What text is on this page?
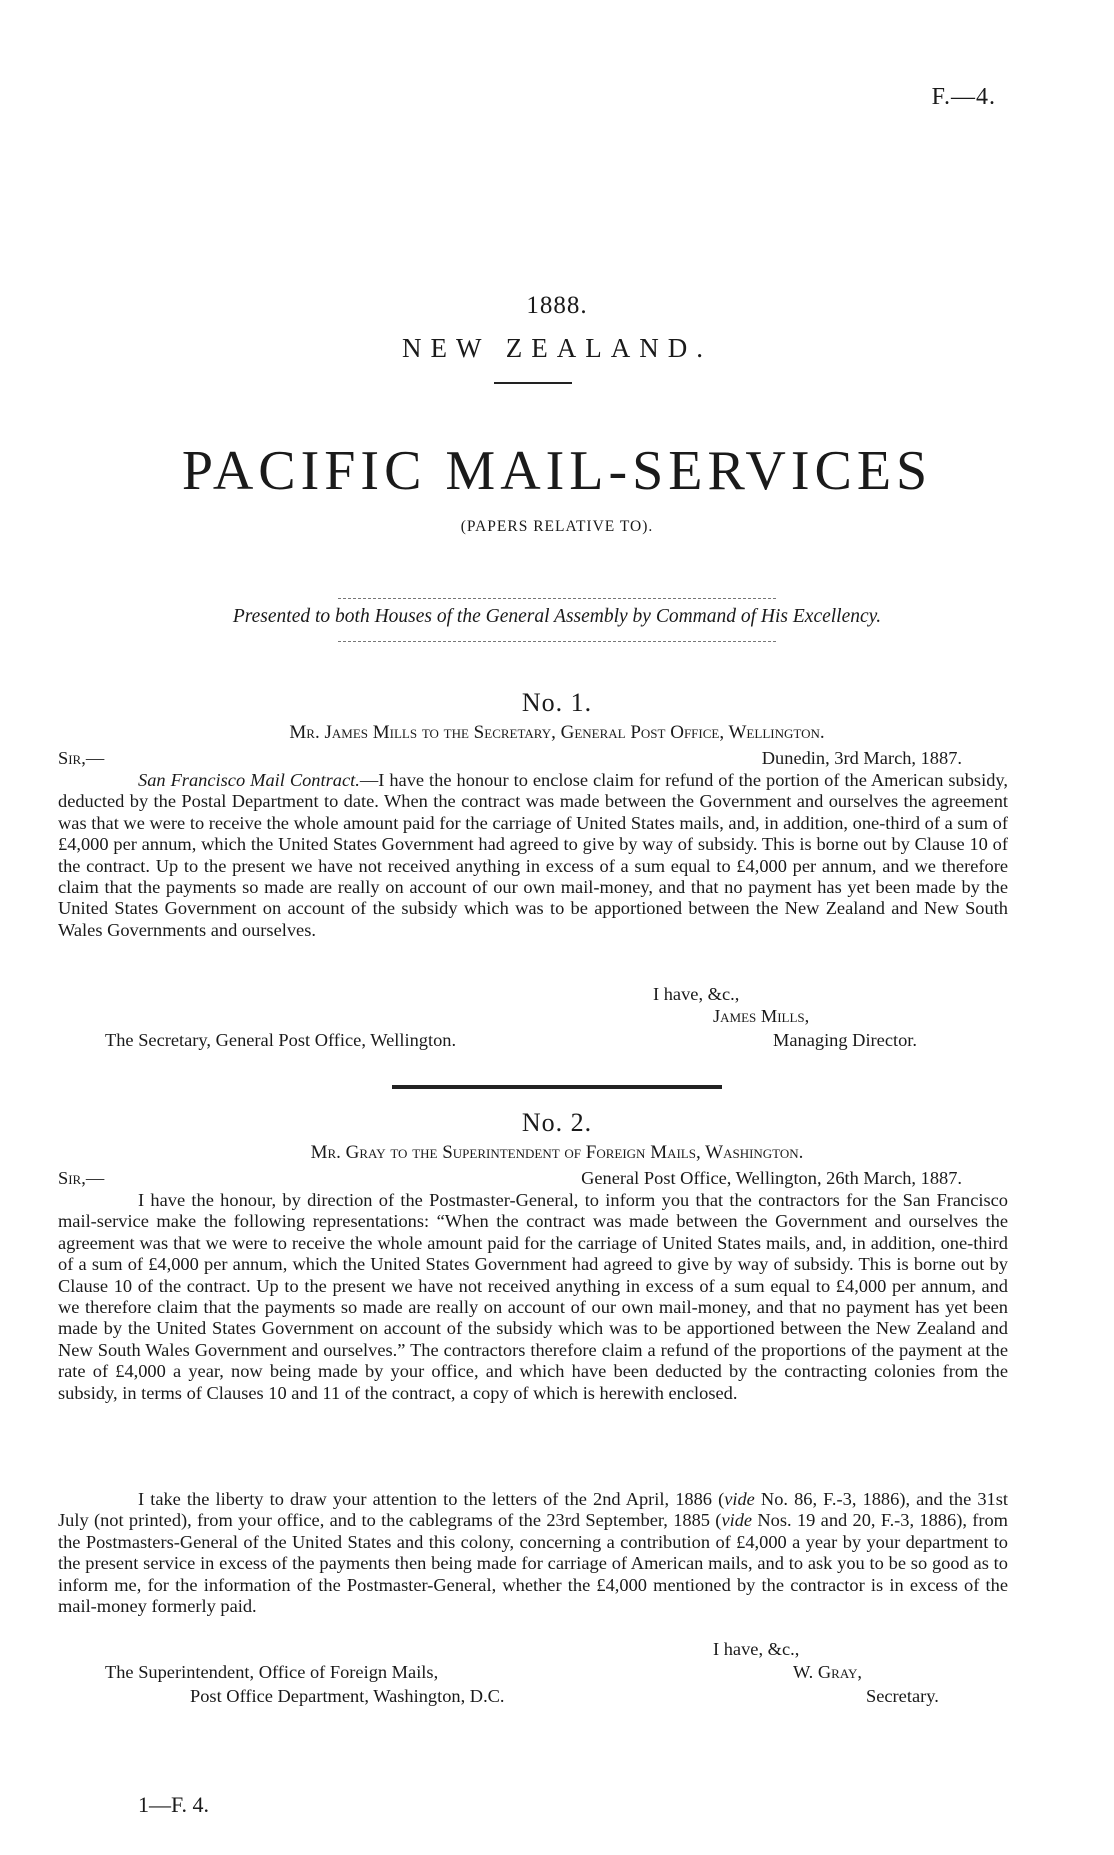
F.—4.
1888.
NEW ZEALAND.
PACIFIC MAIL-SERVICES
(PAPERS RELATIVE TO).
Presented to both Houses of the General Assembly by Command of His Excellency.
No. 1.
Mr. James Mills to the Secretary, General Post Office, Wellington.
Sir,—	Dunedin, 3rd March, 1887.
San Francisco Mail Contract.—I have the honour to enclose claim for refund of the portion of the American subsidy, deducted by the Postal Department to date. When the contract was made between the Government and ourselves the agreement was that we were to receive the whole amount paid for the carriage of United States mails, and, in addition, one-third of a sum of £4,000 per annum, which the United States Government had agreed to give by way of subsidy. This is borne out by Clause 10 of the contract. Up to the present we have not received anything in excess of a sum equal to £4,000 per annum, and we therefore claim that the payments so made are really on account of our own mail-money, and that no payment has yet been made by the United States Government on account of the subsidy which was to be apportioned between the New Zealand and New South Wales Governments and ourselves.
I have, &c.,
James Mills,
The Secretary, General Post Office, Wellington.	Managing Director.
No. 2.
Mr. Gray to the Superintendent of Foreign Mails, Washington.
Sir,—	General Post Office, Wellington, 26th March, 1887.
I have the honour, by direction of the Postmaster-General, to inform you that the contractors for the San Francisco mail-service make the following representations: “When the contract was made between the Government and ourselves the agreement was that we were to receive the whole amount paid for the carriage of United States mails, and, in addition, one-third of a sum of £4,000 per annum, which the United States Government had agreed to give by way of subsidy. This is borne out by Clause 10 of the contract. Up to the present we have not received anything in excess of a sum equal to £4,000 per annum, and we therefore claim that the payments so made are really on account of our own mail-money, and that no payment has yet been made by the United States Government on account of the subsidy which was to be apportioned between the New Zealand and New South Wales Government and ourselves.” The contractors therefore claim a refund of the proportions of the payment at the rate of £4,000 a year, now being made by your office, and which have been deducted by the contracting colonies from the subsidy, in terms of Clauses 10 and 11 of the contract, a copy of which is herewith enclosed.
I take the liberty to draw your attention to the letters of the 2nd April, 1886 (vide No. 86, F.-3, 1886), and the 31st July (not printed), from your office, and to the cablegrams of the 23rd September, 1885 (vide Nos. 19 and 20, F.-3, 1886), from the Postmasters-General of the United States and this colony, concerning a contribution of £4,000 a year by your department to the present service in excess of the payments then being made for carriage of American mails, and to ask you to be so good as to inform me, for the information of the Postmaster-General, whether the £4,000 mentioned by the contractor is in excess of the mail-money formerly paid.
I have, &c.,
The Superintendent, Office of Foreign Mails,	W. Gray,
Post Office Department, Washington, D.C.	Secretary.
1—F. 4.
